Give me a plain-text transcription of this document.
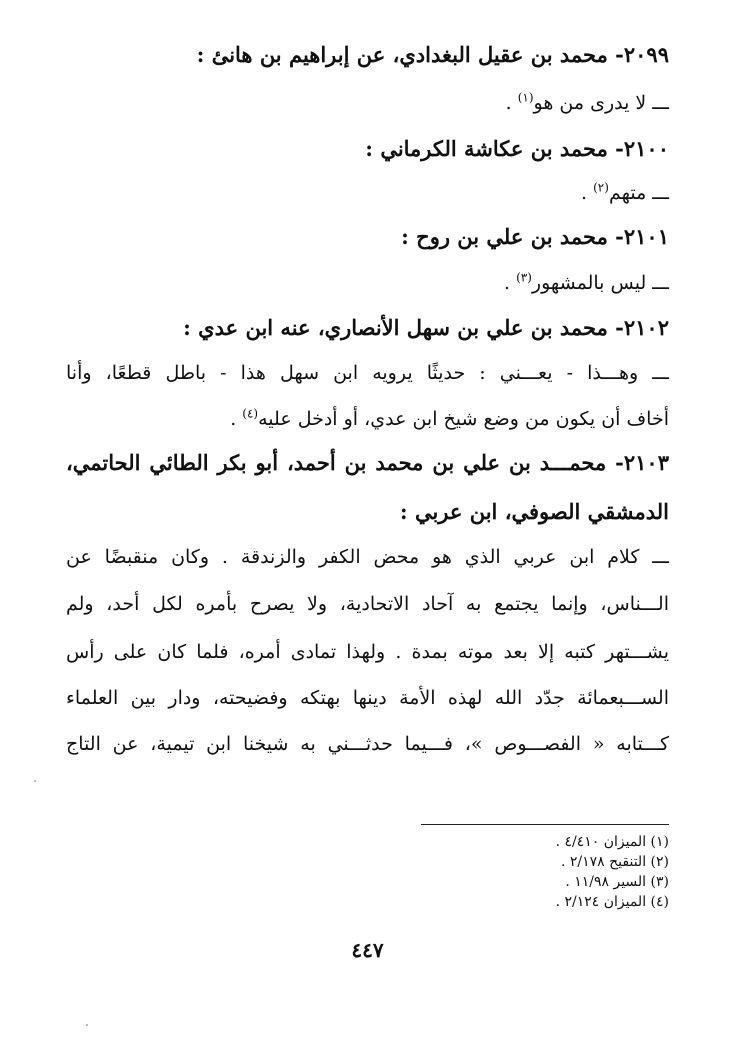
٢٠٩٩- محمد بن عقيل البغدادي، عن إبراهيم بن هانئ :
ـــ لا يدرى من هو$^{(١)}$ .
٢١٠٠- محمد بن عكاشة الكرماني :
ـــ متهم$^{(٢)}$ .
٢١٠١- محمد بن علي بن روح :
ـــ ليس بالمشهور$^{(٣)}$ .
٢١٠٢- محمد بن علي بن سهل الأنصاري، عنه ابن عدي :
ـــ وهـــذا - يعـــني : حديثًا يرويه ابن سهل هذا - باطل قطعًا، وأنا
أخاف أن يكون من وضع شيخ ابن عدي، أو أدخل عليه$^{(٤)}$ .
٢١٠٣- محمـــد بن علي بن محمد بن أحمد، أبو بكر الطائي الحاتمي،
الدمشقي الصوفي، ابن عربي :
ـــ كلام ابن عربي الذي هو محض الكفر والزندقة . وكان منقبضًا عن
الـــناس، وإنما يجتمع به آحاد الاتحادية، ولا يصرح بأمره لكل أحد، ولم
يشـــتهر كتبه إلا بعد موته بمدة . ولهذا تمادى أمره، فلما كان على رأس
الســـبعمائة جدّد الله لهذه الأمة دينها بهتكه وفضيحته، ودار بين العلماء
كـــتابه « الفصـــوص »، فـــيما حدثـــني به شيخنا ابن تيمية، عن التاج
(١) الميزان ٤/٤١٠ .
(٢) التنقيح ٢/١٧٨ .
(٣) السير ١١/٩٨ .
(٤) الميزان ٢/١٢٤ .
٤٤٧
